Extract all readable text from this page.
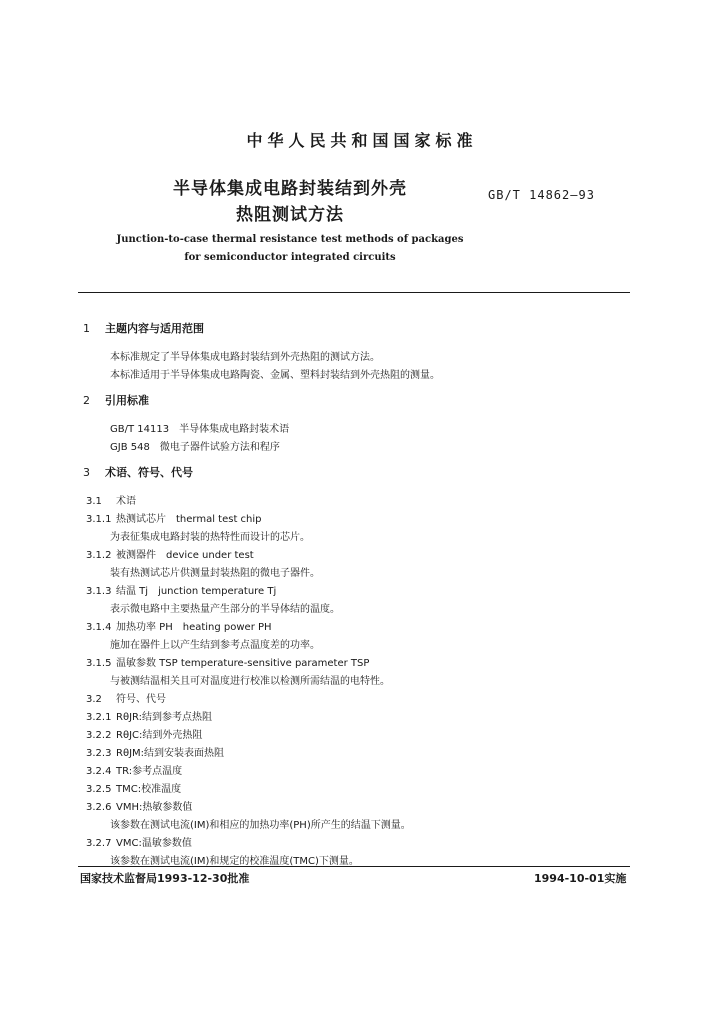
中华人民共和国国家标准
半导体集成电路封装结到外壳
热阻测试方法
GB/T 14862—93
Junction-to-case thermal resistance test methods of packages
for semiconductor integrated circuits
1 主题内容与适用范围
本标准规定了半导体集成电路封装结到外壳热阻的测试方法。
本标准适用于半导体集成电路陶瓷、金属、塑料封装结到外壳热阻的测量。
2 引用标准
GB/T 14113　半导体集成电路封装术语
GJB 548　微电子器件试验方法和程序
3 术语、符号、代号
3.1 术语
3.1.1 热测试芯片　thermal test chip
为表征集成电路封装的热特性而设计的芯片。
3.1.2 被测器件　device under test
装有热测试芯片供测量封装热阻的微电子器件。
3.1.3 结温 Tj　junction temperature Tj
表示微电路中主要热量产生部分的半导体结的温度。
3.1.4 加热功率 PH　heating power PH
施加在器件上以产生结到参考点温度差的功率。
3.1.5 温敏参数 TSP temperature-sensitive parameter TSP
与被测结温相关且可对温度进行校准以检测所需结温的电特性。
3.2 符号、代号
3.2.1 RθJR:结到参考点热阻
3.2.2 RθJC:结到外壳热阻
3.2.3 RθJM:结到安装表面热阻
3.2.4 TR:参考点温度
3.2.5 TMC:校准温度
3.2.6 VMH:热敏参数值
该参数在测试电流(IM)和相应的加热功率(PH)所产生的结温下测量。
3.2.7 VMC:温敏参数值
该参数在测试电流(IM)和规定的校准温度(TMC)下测量。
国家技术监督局1993-12-30批准	1994-10-01实施
